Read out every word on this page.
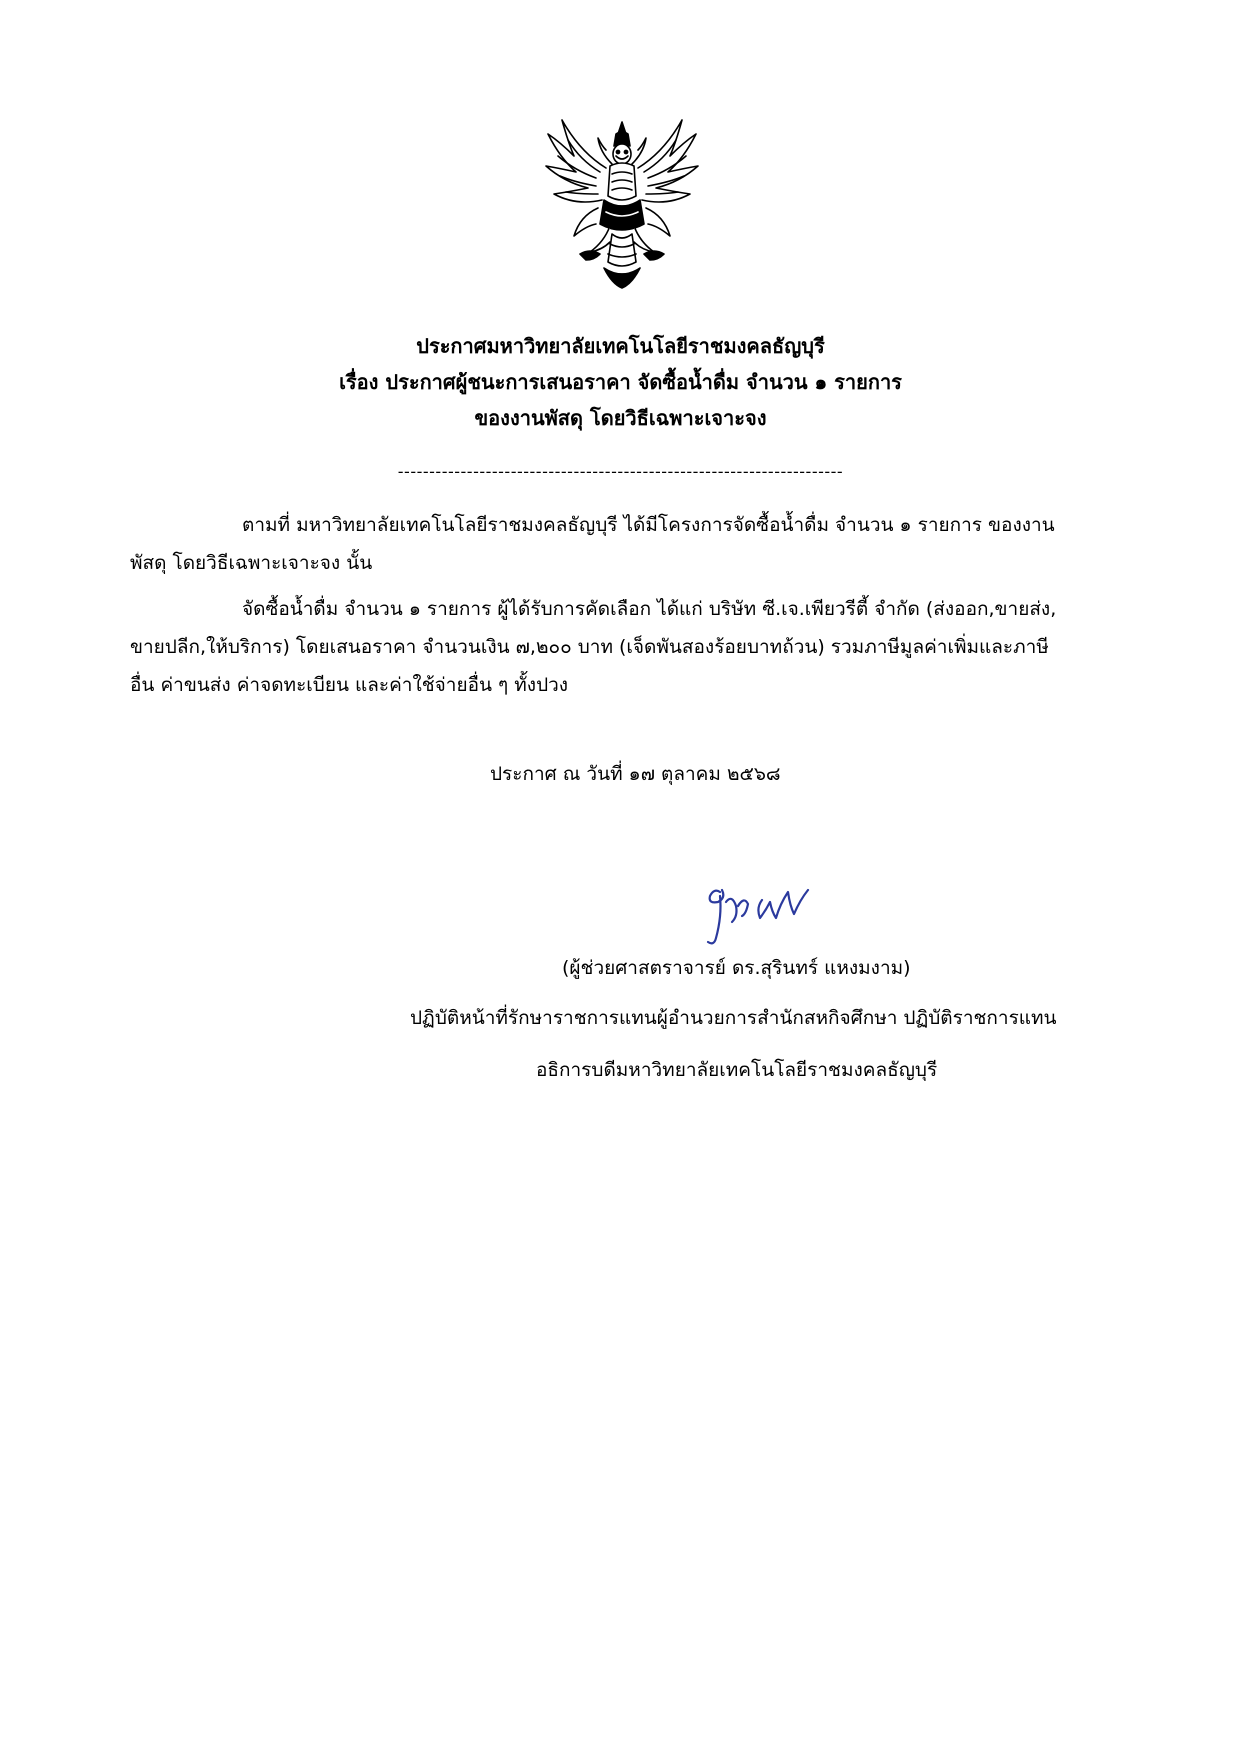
ประกาศมหาวิทยาลัยเทคโนโลยีราชมงคลธัญบุรี
เรื่อง ประกาศผู้ชนะการเสนอราคา จัดซื้อน้ำดื่ม จำนวน ๑ รายการ
ของงานพัสดุ โดยวิธีเฉพาะเจาะจง
-----------------------------------------------------------------------
ตามที่ มหาวิทยาลัยเทคโนโลยีราชมงคลธัญบุรี ได้มีโครงการจัดซื้อน้ำดื่ม จำนวน ๑ รายการ ของงาน
พัสดุ โดยวิธีเฉพาะเจาะจง นั้น
จัดซื้อน้ำดื่ม จำนวน ๑ รายการ ผู้ได้รับการคัดเลือก ได้แก่ บริษัท ซี.เจ.เพียวรีตี้ จำกัด (ส่งออก,ขายส่ง,
ขายปลีก,ให้บริการ) โดยเสนอราคา จำนวนเงิน ๗,๒๐๐ บาท (เจ็ดพันสองร้อยบาทถ้วน) รวมภาษีมูลค่าเพิ่มและภาษี
อื่น ค่าขนส่ง ค่าจดทะเบียน และค่าใช้จ่ายอื่น ๆ ทั้งปวง
ประกาศ ณ วันที่ ๑๗ ตุลาคม ๒๕๖๘
(ผู้ช่วยศาสตราจารย์ ดร.สุรินทร์ แหงมงาม)
ปฏิบัติหน้าที่รักษาราชการแทนผู้อำนวยการสำนักสหกิจศึกษา ปฏิบัติราชการแทน
อธิการบดีมหาวิทยาลัยเทคโนโลยีราชมงคลธัญบุรี
